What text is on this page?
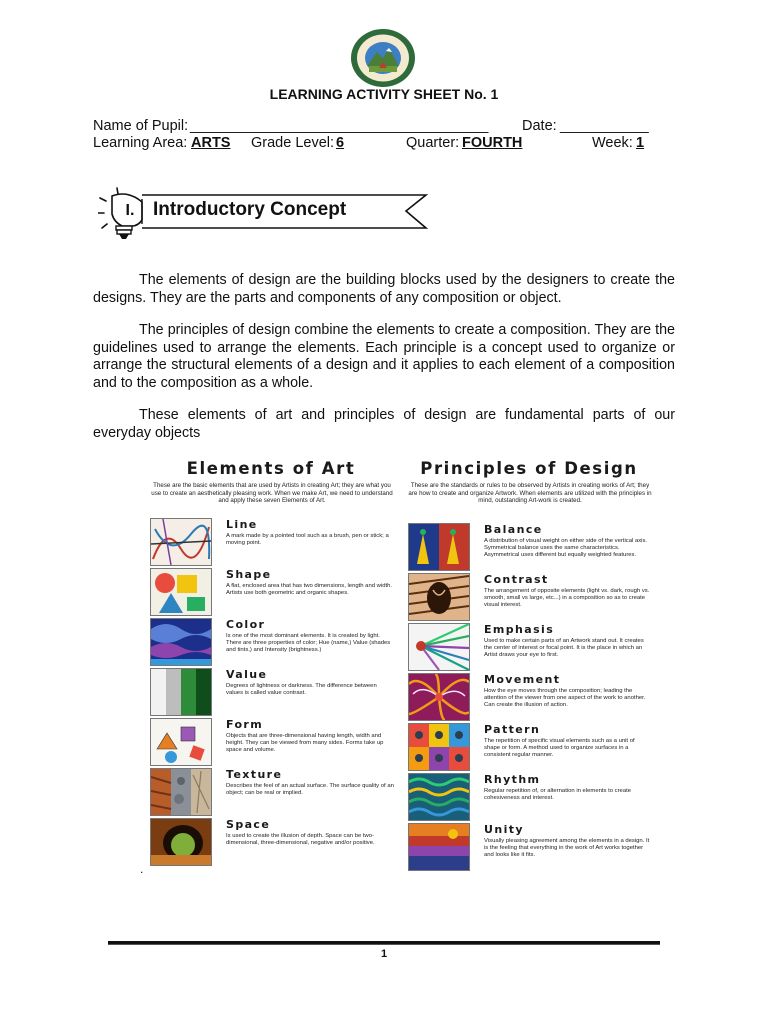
LEARNING ACTIVITY SHEET No. 1
Name of Pupil: _____________________________________ Date: ___________
Learning Area: ARTS Grade Level: 6	Quarter: FOURTH	Week: 1
I. Introductory Concept

The elements of design are the building blocks used by the designers to create the designs. They are the parts and components of any composition or object.

The principles of design combine the elements to create a composition. They are the guidelines used to arrange the elements. Each principle is a concept used to organize or arrange the structural elements of a design and it applies to each element of a composition and to the composition as a whole.

These elements of art and principles of design are fundamental parts of our everyday objects

Elements of Art
These are the basic elements that are used by Artists in creating Art; they are what you use to create an aesthetically pleasing work. When we make Art, we need to understand and apply these seven Elements of Art.
Line
A mark made by a pointed tool such as a brush, pen or stick; a moving point.
Shape
A flat, enclosed area that has two dimensions, length and width. Artists use both geometric and organic shapes.
Color
Is one of the most dominant elements. It is created by light. There are three properties of color; Hue (name,) Value (shades and tints,) and Intensity (brightness.)
Value
Degrees of lightness or darkness. The difference between values is called value contrast.
Form
Objects that are three-dimensional having length, width and height. They can be viewed from many sides. Forms take up space and volume.
Texture
Describes the feel of an actual surface. The surface quality of an object; can be real or implied.
Space
Is used to create the illusion of depth. Space can be two-dimensional, three-dimensional, negative and/or positive.
Principles of Design
These are the standards or rules to be observed by Artists in creating works of Art; they are how to create and organize Artwork. When elements are utilized with the principles in mind, outstanding Art-work is created.
Balance
A distribution of visual weight on either side of the vertical axis. Symmetrical balance uses the same characteristics. Asymmetrical uses different but equally weighted features.
Contrast
The arrangement of opposite elements (light vs. dark, rough vs. smooth, small vs large, etc...) in a composition so as to create visual interest.
Emphasis
Used to make certain parts of an Artwork stand out. It creates the center of interest or focal point. It is the place in which an Artist draws your eye to first.
Movement
How the eye moves through the composition; leading the attention of the viewer from one aspect of the work to another. Can create the illusion of action.
Pattern
The repetition of specific visual elements such as a unit of shape or form. A method used to organize surfaces in a consistent regular manner.
Rhythm
Regular repetition of, or alternation in elements to create cohesiveness and interest.
Unity
Visually pleasing agreement among the elements in a design. It is the feeling that everything in the work of Art works together and looks like it fits.
.
1
